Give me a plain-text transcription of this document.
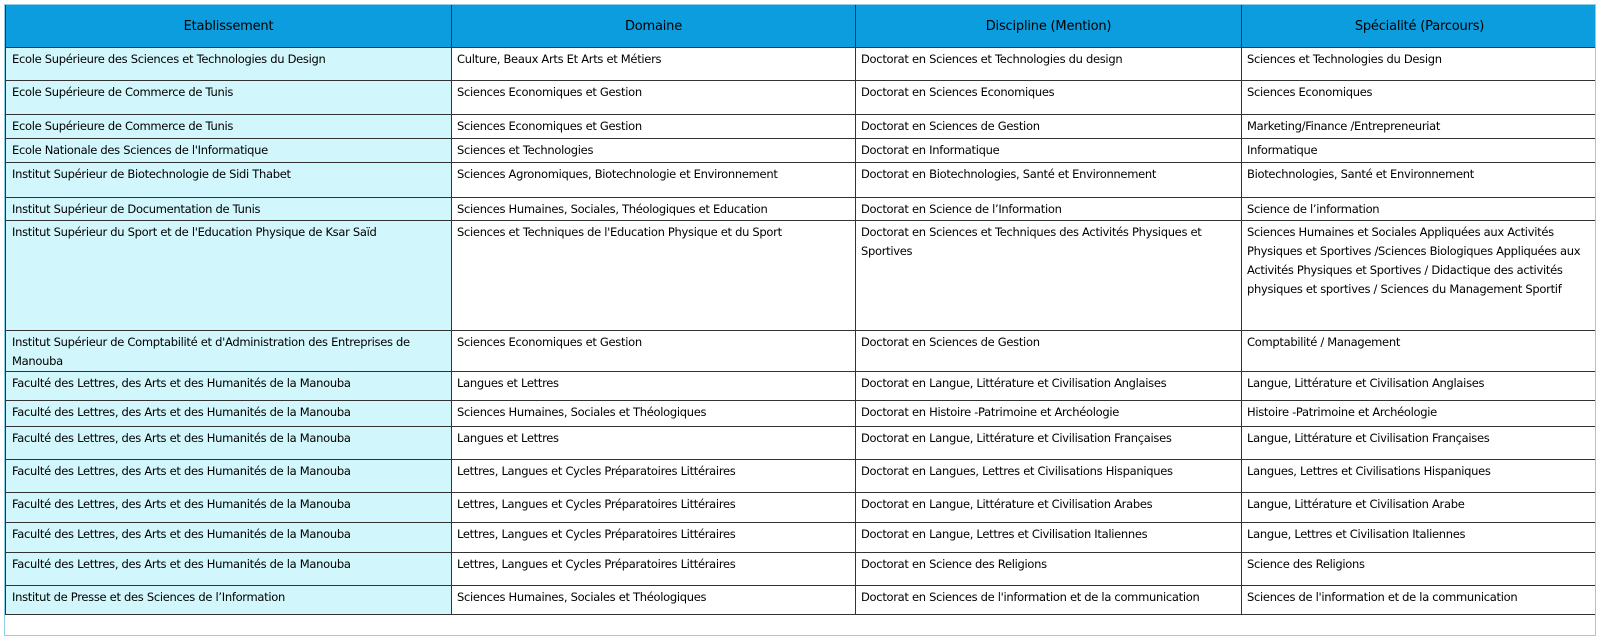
Etablissement	Domaine	Discipline (Mention)	Spécialité (Parcours)
Ecole Supérieure des Sciences et Technologies du Design	Culture, Beaux Arts Et Arts et Métiers	Doctorat en Sciences et Technologies du design	Sciences et Technologies du Design
Ecole Supérieure de Commerce de Tunis	Sciences Economiques et Gestion	Doctorat en Sciences Economiques	Sciences Economiques
Ecole Supérieure de Commerce de Tunis	Sciences Economiques et Gestion	Doctorat en Sciences de Gestion	Marketing/Finance /Entrepreneuriat
Ecole Nationale des Sciences de l'Informatique	Sciences et Technologies	Doctorat en Informatique	Informatique
Institut Supérieur de Biotechnologie de Sidi Thabet	Sciences Agronomiques, Biotechnologie et Environnement	Doctorat en Biotechnologies, Santé et Environnement	Biotechnologies, Santé et Environnement
Institut Supérieur de Documentation de Tunis	Sciences Humaines, Sociales, Théologiques et Education	Doctorat en Science de l’Information	Science de l’information
Institut Supérieur du Sport et de l'Education Physique de Ksar Saïd	Sciences et Techniques de l'Education Physique et du Sport	Doctorat en Sciences et Techniques des Activités Physiques et Sportives	Sciences Humaines et Sociales Appliquées aux Activités Physiques et Sportives /Sciences Biologiques Appliquées aux Activités Physiques et Sportives / Didactique des activités physiques et sportives / Sciences du Management Sportif
Institut Supérieur de Comptabilité et d'Administration des Entreprises de Manouba	Sciences Economiques et Gestion	Doctorat en Sciences de Gestion	Comptabilité / Management
Faculté des Lettres, des Arts et des Humanités de la Manouba	Langues et Lettres	Doctorat en Langue, Littérature et Civilisation Anglaises	Langue, Littérature et Civilisation Anglaises
Faculté des Lettres, des Arts et des Humanités de la Manouba	Sciences Humaines, Sociales et Théologiques	Doctorat en Histoire -Patrimoine et Archéologie	Histoire -Patrimoine et Archéologie
Faculté des Lettres, des Arts et des Humanités de la Manouba	Langues et Lettres	Doctorat en Langue, Littérature et Civilisation Françaises	Langue, Littérature et Civilisation Françaises
Faculté des Lettres, des Arts et des Humanités de la Manouba	Lettres, Langues et Cycles Préparatoires Littéraires	Doctorat en Langues, Lettres et Civilisations Hispaniques	Langues, Lettres et Civilisations Hispaniques
Faculté des Lettres, des Arts et des Humanités de la Manouba	Lettres, Langues et Cycles Préparatoires Littéraires	Doctorat en Langue, Littérature et Civilisation Arabes	Langue, Littérature et Civilisation Arabe
Faculté des Lettres, des Arts et des Humanités de la Manouba	Lettres, Langues et Cycles Préparatoires Littéraires	Doctorat en Langue, Lettres et Civilisation Italiennes	Langue, Lettres et Civilisation Italiennes
Faculté des Lettres, des Arts et des Humanités de la Manouba	Lettres, Langues et Cycles Préparatoires Littéraires	Doctorat en Science des Religions	Science des Religions
Institut de Presse et des Sciences de l’Information	Sciences Humaines, Sociales et Théologiques	Doctorat en Sciences de l'information et de la communication	Sciences de l'information et de la communication
